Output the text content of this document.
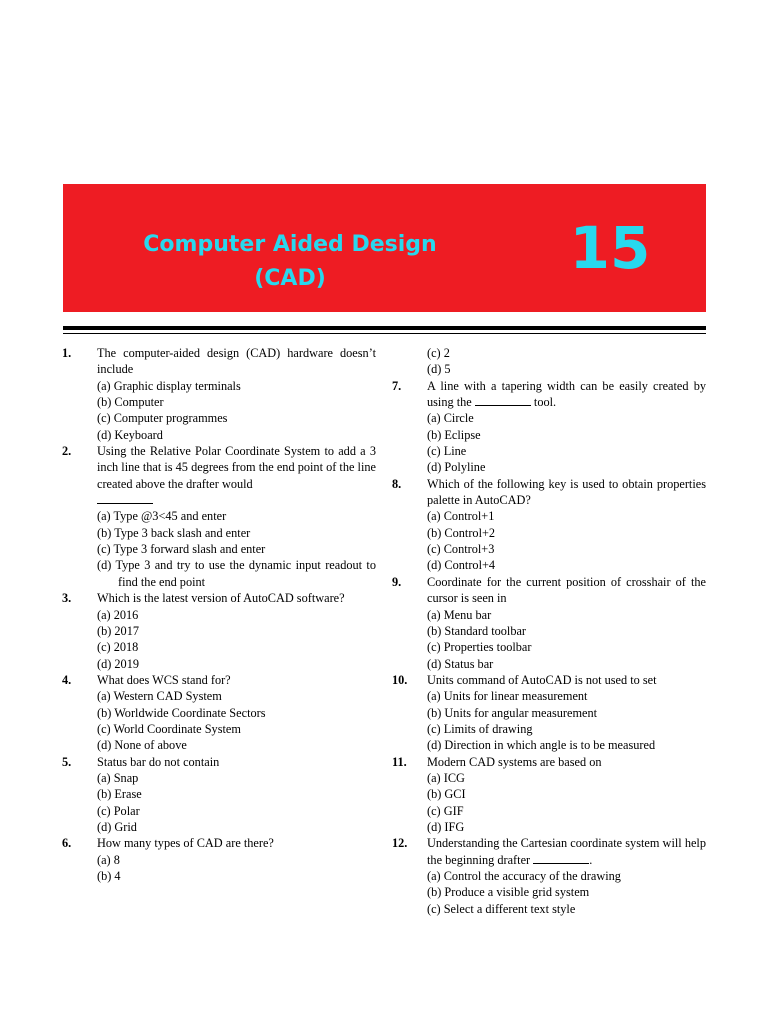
Computer Aided Design
(CAD)	15
1. The computer-aided design (CAD) hardware doesn’t include
(a) Graphic display terminals
(b) Computer
(c) Computer programmes
(d) Keyboard
2. Using the Relative Polar Coordinate System to add a 3 inch line that is 45 degrees from the end point of the line created above the drafter would
(a) Type @3<45 and enter
(b) Type 3 back slash and enter
(c) Type 3 forward slash and enter
(d) Type 3 and try to use the dynamic input readout to find the end point
3. Which is the latest version of AutoCAD software?
(a) 2016
(b) 2017
(c) 2018
(d) 2019
4. What does WCS stand for?
(a) Western CAD System
(b) Worldwide Coordinate Sectors
(c) World Coordinate System
(d) None of above
5. Status bar do not contain
(a) Snap
(b) Erase
(c) Polar
(d) Grid
6. How many types of CAD are there?
(a) 8
(b) 4
(c) 2
(d) 5
7. A line with a tapering width can be easily created by using the	tool.
(a) Circle
(b) Eclipse
(c) Line
(d) Polyline
8. Which of the following key is used to obtain properties palette in AutoCAD?
(a) Control+1
(b) Control+2
(c) Control+3
(d) Control+4
9. Coordinate for the current position of crosshair of the cursor is seen in
(a) Menu bar
(b) Standard toolbar
(c) Properties toolbar
(d) Status bar
10. Units command of AutoCAD is not used to set
(a) Units for linear measurement
(b) Units for angular measurement
(c) Limits of drawing
(d) Direction in which angle is to be measured
11. Modern CAD systems are based on
(a) ICG
(b) GCI
(c) GIF
(d) IFG
12. Understanding the Cartesian coordinate system will help the beginning drafter	.
(a) Control the accuracy of the drawing
(b) Produce a visible grid system
(c) Select a different text style
